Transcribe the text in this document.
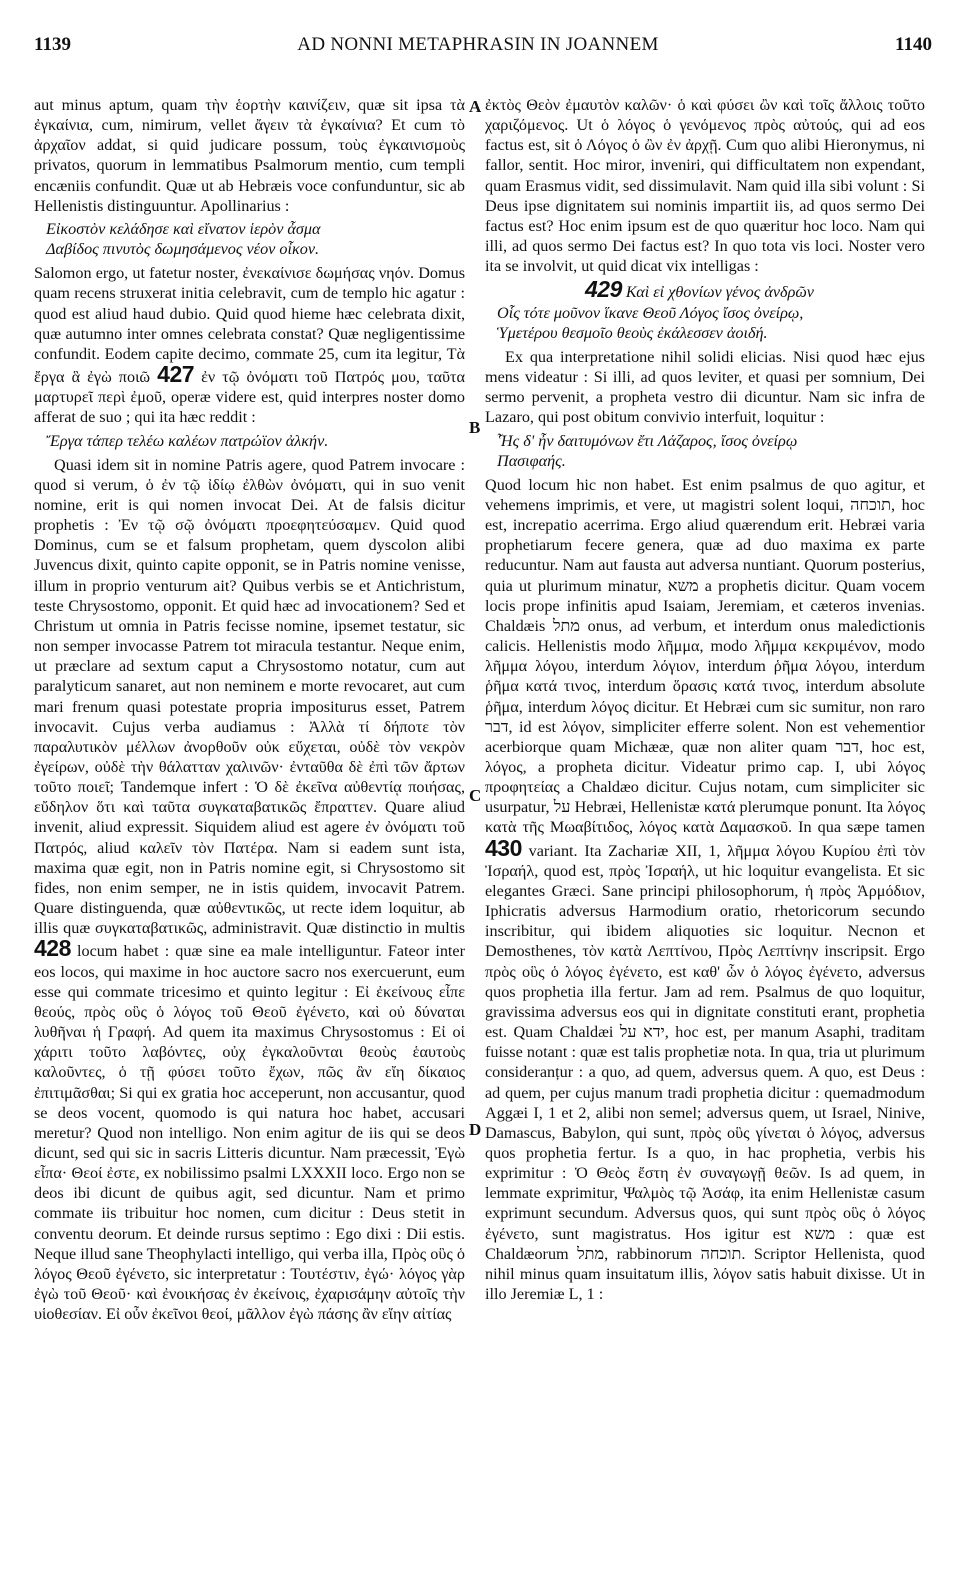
1139	AD NONNI METAPHRASIN IN JOANNEM	1140
A
B
C
D

aut minus aptum, quam τὴν ἑορτὴν καινίζειν, quæ sit ipsa τὰ ἐγκαίνια, cum, nimirum, vellet ἄγειν τὰ ἐγκαίνια? Et cum τὸ ἀρχαῖον addat, si quid judicare possum, τοὺς ἐγκαινισμοὺς privatos, quorum in lemmatibus Psalmorum mentio, cum templi encæniis confundit. Quæ ut ab Hebræis voce confunduntur, sic ab Hellenistis distinguuntur. Apollinarius :

Εἰκοστὸν κελάδησε καὶ εἴνατον ἱερὸν ἆσμα
Δαβίδος πινυτὸς δωμησάμενος νέον οἶκον.

Salomon ergo, ut fatetur noster, ἐνεκαίνισε δωμήσας νηόν. Domus quam recens struxerat initia celebravit, cum de templo hic agatur : quod est aliud haud dubio. Quid quod hieme hæc celebrata dixit, quæ autumno inter omnes celebrata constat? Quæ negligentissime confundit. Eodem capite decimo, commate 25, cum ita legitur, Τὰ ἔργα ἃ ἐγὼ ποιῶ 427 ἐν τῷ ὀνόματι τοῦ Πατρός μου, ταῦτα μαρτυρεῖ περὶ ἐμοῦ, operæ videre est, quid interpres noster domo afferat de suo ; qui ita hæc reddit :

Ἔργα τάπερ τελέω καλέων πατρώϊον ἀλκήν.

Quasi idem sit in nomine Patris agere, quod Patrem invocare : quod si verum, ὁ ἐν τῷ ἰδίῳ ἐλθὼν ὀνόματι, qui in suo venit nomine, erit is qui nomen invocat Dei. At de falsis dicitur prophetis : Ἐν τῷ σῷ ὀνόματι προεφητεύσαμεν. Quid quod Dominus, cum se et falsum prophetam, quem dyscolon alibi Juvencus dixit, quinto capite opponit, se in Patris nomine venisse, illum in proprio venturum ait? Quibus verbis se et Antichristum, teste Chrysostomo, opponit. Et quid hæc ad invocationem? Sed et Christum ut omnia in Patris fecisse nomine, ipsemet testatur, sic non semper invocasse Patrem tot miracula testantur. Neque enim, ut præclare ad sextum caput a Chrysostomo notatur, cum aut paralyticum sanaret, aut non neminem e morte revocaret, aut cum mari frenum quasi potestate propria impositurus esset, Patrem invocavit. Cujus verba audiamus : Ἀλλὰ τί δήποτε τὸν παραλυτικὸν μέλλων ἀνορθοῦν οὐκ εὔχεται, οὐδὲ τὸν νεκρὸν ἐγείρων, οὐδὲ τὴν θάλατταν χαλινῶν· ἐνταῦθα δὲ ἐπὶ τῶν ἄρτων τοῦτο ποιεῖ; Tandemque infert : Ὁ δὲ ἐκεῖνα αὐθεντίᾳ ποιήσας, εὔδηλον ὅτι καὶ ταῦτα συγκαταβατικῶς ἔπραττεν. Quare aliud invenit, aliud expressit. Siquidem aliud est agere ἐν ὀνόματι τοῦ Πατρός, aliud καλεῖν τὸν Πατέρα. Nam si eadem sunt ista, maxima quæ egit, non in Patris nomine egit, si Chrysostomo sit fides, non enim semper, ne in istis quidem, invocavit Patrem. Quare distinguenda, quæ αὐθεντικῶς, ut recte idem loquitur, ab illis quæ συγκαταβατικῶς, administravit. Quæ distinctio in multis 428 locum habet : quæ sine ea male intelliguntur. Fateor inter eos locos, qui maxime in hoc auctore sacro nos exercuerunt, eum esse qui commate tricesimo et quinto legitur : Εἰ ἐκείνους εἶπε θεούς, πρὸς οὓς ὁ λόγος τοῦ Θεοῦ ἐγένετο, καὶ οὐ δύναται λυθῆναι ἡ Γραφή. Ad quem ita maximus Chrysostomus : Εἰ οἱ χάριτι τοῦτο λαβόντες, οὐχ ἐγκαλοῦνται θεοὺς ἑαυτοὺς καλοῦντες, ὁ τῇ φύσει τοῦτο ἔχων, πῶς ἂν εἴη δίκαιος ἐπιτιμᾶσθαι; Si qui ex gratia hoc acceperunt, non accusantur, quod se deos vocent, quomodo is qui natura hoc habet, accusari meretur? Quod non intelligo. Non enim agitur de iis qui se deos dicunt, sed qui sic in sacris Litteris dicuntur. Nam præcessit, Ἐγὼ εἶπα· Θεοί ἐστε, ex nobilissimo psalmi LXXXII loco. Ergo non se deos ibi dicunt de quibus agit, sed dicuntur. Nam et primo commate iis tribuitur hoc nomen, cum dicitur : Deus stetit in conventu deorum. Et deinde rursus septimo : Ego dixi : Dii estis. Neque illud sane Theophylacti intelligo, qui verba illa, Πρὸς οὓς ὁ λόγος Θεοῦ ἐγένετο, sic interpretatur : Τουτέστιν, ἐγώ· λόγος γὰρ ἐγὼ τοῦ Θεοῦ· καὶ ἐνοικήσας ἐν ἐκείνοις, ἐχαρισάμην αὐτοῖς τὴν υἱοθεσίαν. Εἰ οὖν ἐκεῖνοι θεοί, μᾶλλον ἐγὼ πάσης ἂν εἴην αἰτίας

ἐκτὸς Θεὸν ἐμαυτὸν καλῶν· ὁ καὶ φύσει ὢν καὶ τοῖς ἄλλοις τοῦτο χαριζόμενος. Ut ὁ λόγος ὁ γενόμενος πρὸς αὐτούς, qui ad eos factus est, sit ὁ Λόγος ὁ ὢν ἐν ἀρχῇ. Cum quo alibi Hieronymus, ni fallor, sentit. Hoc miror, inveniri, qui difficultatem non expendant, quam Erasmus vidit, sed dissimulavit. Nam quid illa sibi volunt : Si Deus ipse dignitatem sui nominis impartiit iis, ad quos sermo Dei factus est? Hoc enim ipsum est de quo quæritur hoc loco. Nam qui illi, ad quos sermo Dei factus est? In quo tota vis loci. Noster vero ita se involvit, ut quid dicat vix intelligas :

429 Καὶ εἰ χθονίων γένος ἀνδρῶν
Οἷς τότε μοῦνον ἵκανε Θεοῦ Λόγος ἴσος ὀνείρῳ,
Ὑμετέρου θεσμοῖο θεοὺς ἐκάλεσσεν ἀοιδή.

Ex qua interpretatione nihil solidi elicias. Nisi quod hæc ejus mens videatur : Si illi, ad quos leviter, et quasi per somnium, Dei sermo pervenit, a propheta vestro dii dicuntur. Nam sic infra de Lazaro, qui post obitum convivio interfuit, loquitur :

Ἧς δ' ἦν δαιτυμόνων ἔτι Λάζαρος, ἴσος ὀνείρῳ
Πασιφαής.

Quod locum hic non habet. Est enim psalmus de quo agitur, et vehemens imprimis, et vere, ut magistri solent loqui, תוכחה, hoc est, increpatio acerrima. Ergo aliud quærendum erit. Hebræi varia prophetiarum fecere genera, quæ ad duo maxima ex parte reducuntur. Nam aut fausta aut adversa nuntiant. Quorum posterius, quia ut plurimum minatur, משא a prophetis dicitur. Quam vocem locis prope infinitis apud Isaiam, Jeremiam, et cæteros invenias. Chaldæis מתל onus, ad verbum, et interdum onus maledictionis calicis. Hellenistis modo λῆμμα, modo λῆμμα κεκριμένον, modo λῆμμα λόγου, interdum λόγιον, interdum ῥῆμα λόγου, interdum ῥῆμα κατά τινος, interdum ὅρασις κατά τινος, interdum absolute ῥῆμα, interdum λόγος dicitur. Et Hebræi cum sic sumitur, non raro דבר, id est λόγον, simpliciter efferre solent. Non est vehementior acerbiorque quam Michææ, quæ non aliter quam דבר, hoc est, λόγος, a propheta dicitur. Videatur primo cap. I, ubi λόγος προφητείας a Chaldæo dicitur. Cujus notam, cum simpliciter sic usurpatur, על Hebræi, Hellenistæ κατά plerumque ponunt. Ita λόγος κατὰ τῆς Μωαβίτιδος, λόγος κατὰ Δαμασκοῦ. In qua sæpe tamen 430 variant. Ita Zachariæ XII, 1, λῆμμα λόγου Κυρίου ἐπὶ τὸν Ἰσραήλ, quod est, πρὸς Ἰσραήλ, ut hic loquitur evangelista. Et sic elegantes Græci. Sane principi philosophorum, ἡ πρὸς Ἁρμόδιον, Iphicratis adversus Harmodium oratio, rhetoricorum secundo inscribitur, qui ibidem aliquoties sic loquitur. Necnon et Demosthenes, τὸν κατὰ Λεπτίνου, Πρὸς Λεπτίνην inscripsit. Ergo πρὸς οὓς ὁ λόγος ἐγένετο, est καθ' ὧν ὁ λόγος ἐγένετο, adversus quos prophetia illa fertur. Jam ad rem. Psalmus de quo loquitur, gravissima adversus eos qui in dignitate constituti erant, prophetia est. Quam Chaldæi ידא על, hoc est, per manum Asaphi, traditam fuisse notant : quæ est talis prophetiæ nota. In qua, tria ut plurimum consideranțur : a quo, ad quem, adversus quem. A quo, est Deus : ad quem, per cujus manum tradi prophetia dicitur : quemadmodum Aggæi I, 1 et 2, alibi non semel; adversus quem, ut Israel, Ninive, Damascus, Babylon, qui sunt, πρὸς οὓς γίνεται ὁ λόγος, adversus quos prophetia fertur. Is a quo, in hac prophetia, verbis his exprimitur : Ὁ Θεὸς ἔστη ἐν συναγωγῇ θεῶν. Is ad quem, in lemmate exprimitur, Ψαλμὸς τῷ Ἀσάφ, ita enim Hellenistæ casum exprimunt secundum. Adversus quos, qui sunt πρὸς οὓς ὁ λόγος ἐγένετο, sunt magistratus. Hos igitur est משא : quæ est Chaldæorum מתל, rabbinorum תוכחה. Scriptor Hellenista, quod nihil minus quam insuitatum illis, λόγον satis habuit dixisse. Ut in illo Jeremiæ L, 1 :
